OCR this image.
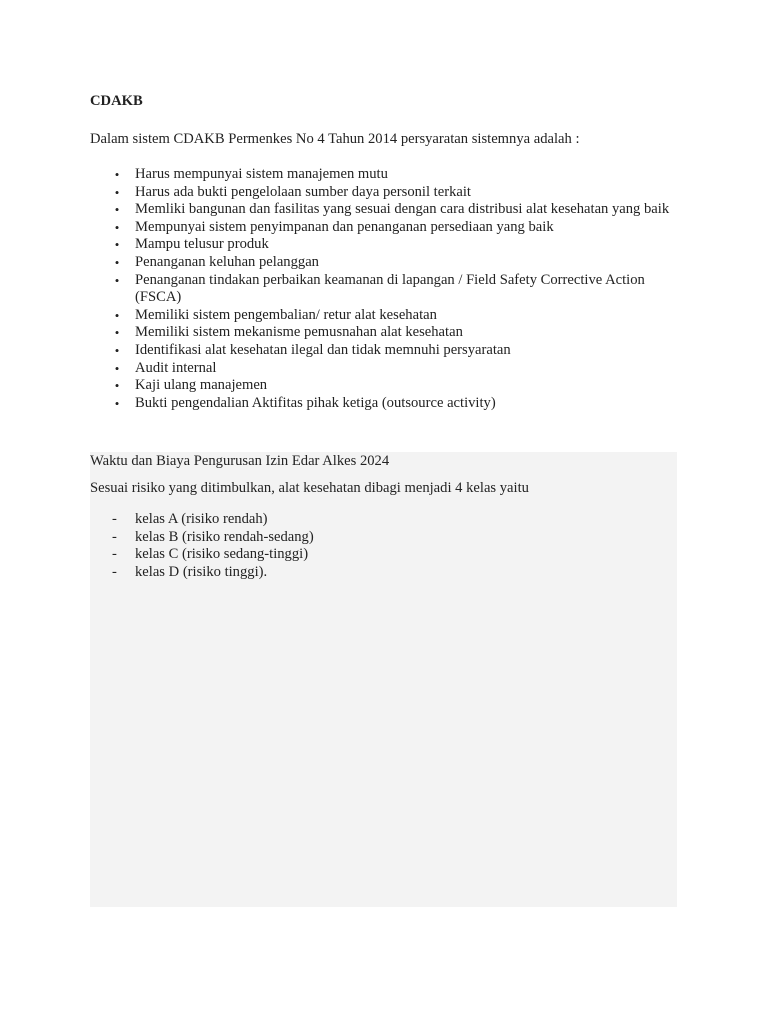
CDAKB
Dalam sistem CDAKB Permenkes No 4 Tahun 2014 persyaratan sistemnya adalah :
• Harus mempunyai sistem manajemen mutu
• Harus ada bukti pengelolaan sumber daya personil terkait
• Memliki bangunan dan fasilitas yang sesuai dengan cara distribusi alat kesehatan yang baik
• Mempunyai sistem penyimpanan dan penanganan persediaan yang baik
• Mampu telusur produk
• Penanganan keluhan pelanggan
• Penanganan tindakan perbaikan keamanan di lapangan / Field Safety Corrective Action (FSCA)
• Memiliki sistem pengembalian/ retur alat kesehatan
• Memiliki sistem mekanisme pemusnahan alat kesehatan
• Identifikasi alat kesehatan ilegal dan tidak memnuhi persyaratan
• Audit internal
• Kaji ulang manajemen
• Bukti pengendalian Aktifitas pihak ketiga (outsource activity)
Waktu dan Biaya Pengurusan Izin Edar Alkes 2024
Sesuai risiko yang ditimbulkan, alat kesehatan dibagi menjadi 4 kelas yaitu
-	kelas A (risiko rendah)
-	kelas B (risiko rendah-sedang)
-	kelas C (risiko sedang-tinggi)
-	kelas D (risiko tinggi).
